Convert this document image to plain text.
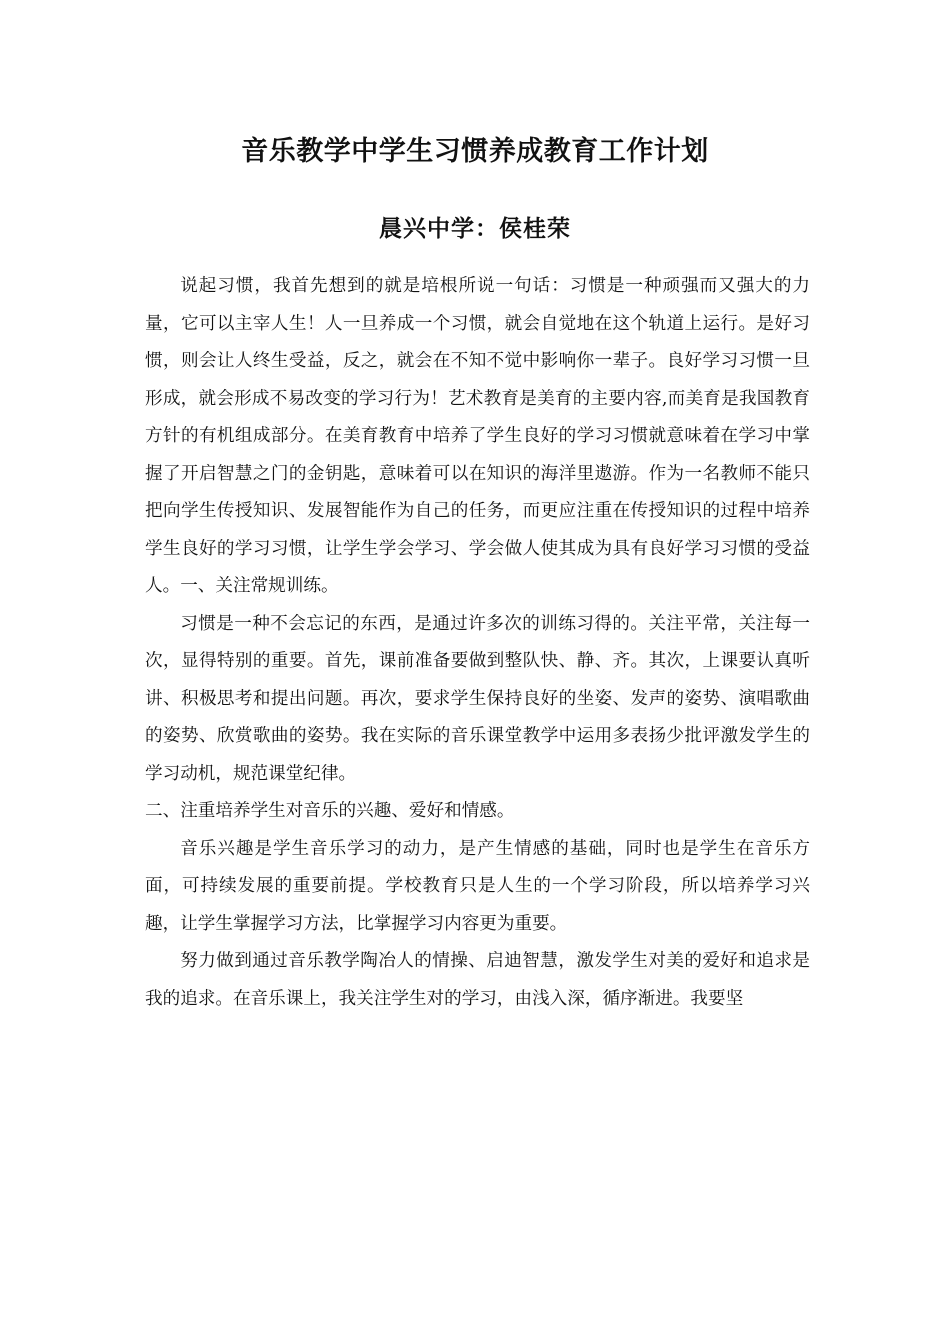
音乐教学中学生习惯养成教育工作计划
晨兴中学：侯桂荣

说起习惯，我首先想到的就是培根所说一句话：习惯是一种顽强而又强大的力量，它可以主宰人生！人一旦养成一个习惯，就会自觉地在这个轨道上运行。是好习惯，则会让人终生受益，反之，就会在不知不觉中影响你一辈子。良好学习习惯一旦形成，就会形成不易改变的学习行为！艺术教育是美育的主要内容,而美育是我国教育方针的有机组成部分。在美育教育中培养了学生良好的学习习惯就意味着在学习中掌握了开启智慧之门的金钥匙，意味着可以在知识的海洋里遨游。作为一名教师不能只把向学生传授知识、发展智能作为自己的任务，而更应注重在传授知识的过程中培养学生良好的学习习惯，让学生学会学习、学会做人使其成为具有良好学习习惯的受益人。一、关注常规训练。

习惯是一种不会忘记的东西，是通过许多次的训练习得的。关注平常，关注每一次，显得特别的重要。首先，课前准备要做到整队快、静、齐。其次，上课要认真听讲、积极思考和提出问题。再次，要求学生保持良好的坐姿、发声的姿势、演唱歌曲的姿势、欣赏歌曲的姿势。我在实际的音乐课堂教学中运用多表扬少批评激发学生的学习动机，规范课堂纪律。

二、注重培养学生对音乐的兴趣、爱好和情感。

音乐兴趣是学生音乐学习的动力，是产生情感的基础，同时也是学生在音乐方面，可持续发展的重要前提。学校教育只是人生的一个学习阶段，所以培养学习兴趣，让学生掌握学习方法，比掌握学习内容更为重要。

努力做到通过音乐教学陶冶人的情操、启迪智慧，激发学生对美的爱好和追求是我的追求。在音乐课上，我关注学生对的学习，由浅入深，循序渐进。我要坚
